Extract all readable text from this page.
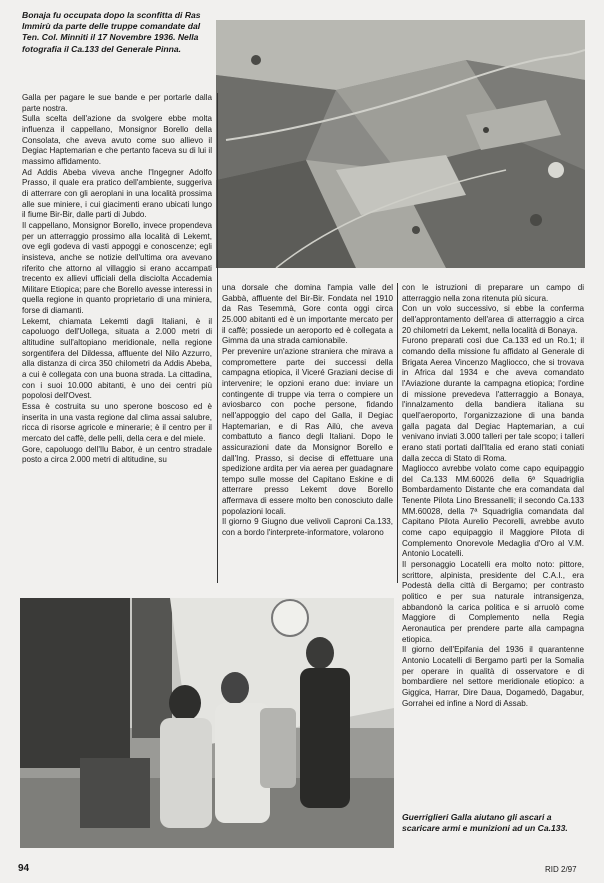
Bonaja fu occupata dopo la sconfitta di Ras Immirù da parte delle truppe comandate dal Ten. Col. Minniti il 17 Novembre 1936. Nella fotografia il Ca.133 del Generale Pinna.

Galla per pagare le sue bande e per portarle dalla parte nostra.

Sulla scelta dell'azione da svolgere ebbe molta influenza il cappellano, Monsignor Borello della Consolata, che aveva avuto come suo allievo il Degiac Haptemarian e che pertanto faceva su di lui il massimo affidamento.

Ad Addis Abeba viveva anche l'Ingegner Adolfo Prasso, il quale era pratico dell'ambiente, suggeriva di atterrare con gli aeroplani in una località prossima alle sue miniere, i cui giacimenti erano ubicati lungo il fiume Bir-Bir, dalle parti di Jubdo.

Il cappellano, Monsignor Borello, invece propendeva per un atterraggio prossimo alla località di Lekemt, ove egli godeva di vasti appoggi e conoscenze; egli insisteva, anche se notizie dell'ultima ora avevano riferito che attorno al villaggio si erano accampati trecento ex allievi ufficiali della disciolta Accademia Militare Etiopica; pare che Borello avesse interessi in quella regione in quanto proprietario di una miniera, forse di diamanti.

Lekemt, chiamata Lekemti dagli Italiani, è il capoluogo dell'Uollega, situata a 2.000 metri di altitudine sull'altopiano meridionale, nella regione sorgentifera del Dildessa, affluente del Nilo Azzurro, alla distanza di circa 350 chilometri da Addis Abeba, a cui è collegata con una buona strada. La cittadina, con i suoi 10.000 abitanti, è uno dei centri più popolosi dell'Ovest.

Essa è costruita su uno sperone boscoso ed è inserita in una vasta regione dal clima assai salubre, ricca di risorse agricole e minerarie; è il centro per il mercato del caffè, delle pelli, della cera e del miele.

Gore, capoluogo dell'Ilu Babor, è un centro stradale posto a circa 2.000 metri di altitudine, su

una dorsale che domina l'ampia valle del Gabbà, affluente del Bir-Bir. Fondata nel 1910 da Ras Tesemmà, Gore conta oggi circa 25.000 abitanti ed è un importante mercato per il caffè; possiede un aeroporto ed è collegata a Gimma da una strada camionabile.

Per prevenire un'azione straniera che mirava a compromettere parte dei successi della campagna etiopica, il Viceré Graziani decise di intervenire; le opzioni erano due: inviare un contingente di truppe via terra o compiere un aviosbarco con poche persone, fidando nell'appoggio del capo del Galla, il Degiac Haptemarian, e di Ras Ailù, che aveva combattuto a fianco degli Italiani. Dopo le assicurazioni date da Monsignor Borello e dall'Ing. Prasso, si decise di effettuare una spedizione ardita per via aerea per guadagnare tempo sulle mosse del Capitano Eskine e di atterrare presso Lekemt dove Borello affermava di essere molto ben conosciuto dalle popolazioni locali.

Il giorno 9 Giugno due velivoli Caproni Ca.133, con a bordo l'interprete-informatore, volarono

con le istruzioni di preparare un campo di atterraggio nella zona ritenuta più sicura.

Con un volo successivo, si ebbe la conferma dell'approntamento dell'area di atterraggio a circa 20 chilometri da Lekemt, nella località di Bonaya.

Furono preparati così due Ca.133 ed un Ro.1; il comando della missione fu affidato al Generale di Brigata Aerea Vincenzo Magliocco, che si trovava in Africa dal 1934 e che aveva comandato l'Aviazione durante la campagna etiopica; l'ordine di missione prevedeva l'atterraggio a Bonaya, l'innalzamento della bandiera italiana su quell'aeroporto, l'organizzazione di una banda galla pagata dal Degiac Haptemarian, a cui venivano inviati 3.000 talleri per tale scopo; i talleri erano stati portati dall'Italia ed erano stati coniati dalla zecca di Stato di Roma.

Magliocco avrebbe volato come capo equipaggio del Ca.133 MM.60026 della 6ª Squadriglia Bombardamento Distante che era comandata dal Tenente Pilota Lino Bressanelli; il secondo Ca.133 MM.60028, della 7ª Squadriglia comandata dal Capitano Pilota Aurelio Pecorelli, avrebbe avuto come capo equipaggio il Maggiore Pilota di Complemento Onorevole Medaglia d'Oro al V.M. Antonio Locatelli.

Il personaggio Locatelli era molto noto: pittore, scrittore, alpinista, presidente del C.A.I., era Podestà della città di Bergamo; per contrasto politico e per sua naturale intransigenza, abbandonò la carica politica e si arruolò come Maggiore di Complemento nella Regia Aeronautica per prendere parte alla campagna etiopica.

Il giorno dell'Epifania del 1936 il quarantenne Antonio Locatelli di Bergamo partì per la Somalia per operare in qualità di osservatore e di bombardiere nel settore meridionale etiopico: a Giggica, Harrar, Dire Daua, Dogamedò, Dagabur, Gorrahei ed infine a Nord di Assab.

Guerriglieri Galla aiutano gli ascari a scaricare armi e munizioni ad un Ca.133.
94	RID 2/97
